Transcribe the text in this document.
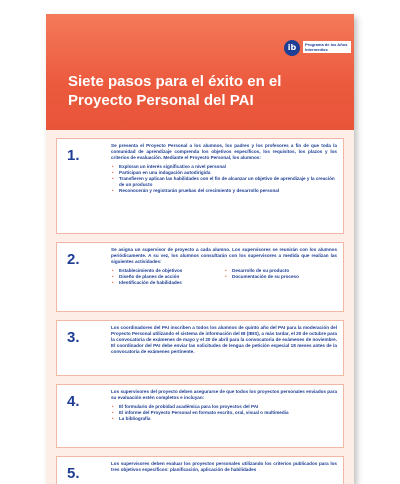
ib	Programa de los Años Intermedios
Siete pasos para el éxito en el
Proyecto Personal del PAI
1.
Se presenta el Proyecto Personal a los alumnos, los padres y los profesores a fin de que toda la comunidad de aprendizaje comprenda los objetivos específicos, los requisitos, los plazos y los criterios de evaluación. Mediante el Proyecto Personal, los alumnos:
• Exploran un interés significativo a nivel personal
• Participan en una indagación autodirigida
• Transfieren y aplican las habilidades con el fin de alcanzar un objetivo de aprendizaje y la creación de un producto
• Reconocerán y registrarán pruebas del crecimiento y desarrollo personal
2.
Se asigna un supervisor de proyecto a cada alumno. Los supervisores se reunirán con los alumnos periódicamente. A su vez, los alumnos consultarán con los supervisores a medida que realizan las siguientes actividades:
• Establecimiento de objetivos
• Diseño de planes de acción
• Identificación de habilidades
• Desarrollo de su producto
• Documentación de su proceso
3.
Los coordinadores del PAI inscriben a todos los alumnos de quinto año del PAI para la moderación del Proyecto Personal utilizando el sistema de información del IB (IBIS), a más tardar, el 20 de octubre para la convocatoria de exámenes de mayo y el 20 de abril para la convocatoria de exámenes de noviembre. El coordinador del PAI debe enviar las solicitudes de lengua de petición especial 18 meses antes de la convocatoria de exámenes pertinente.
4.
Los supervisores del proyecto deben asegurarse de que todos los proyectos personales enviados para su evaluación estén completos e incluyan:
• El formulario de probidad académica para los proyectos del PAI
• El informe del Proyecto Personal en formato escrito, oral, visual o multimedia
• La bibliografía
5.
Los supervisores deben evaluar los proyectos personales utilizando los criterios publicados para los tres objetivos específicos: planificación, aplicación de habilidades
